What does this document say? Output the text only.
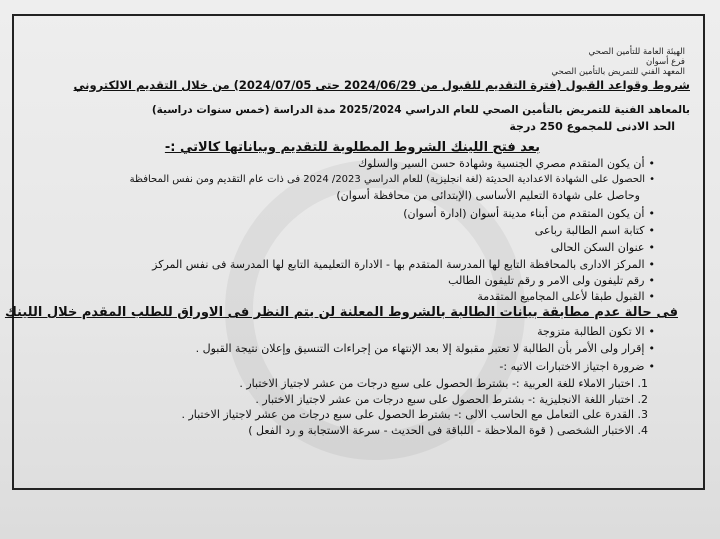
الهيئة العامة للتأمين الصحي
فرع أسوان
المعهد الفني للتمريض بالتأمين الصحي
شروط وقواعد القبول (فترة التقديم للقبول من 2024/06/29 حتى 2024/07/05) من خلال التقديم الالكتروني
بالمعاهد الفنية للتمريض بالتأمين الصحي للعام الدراسي 2025/2024 مدة الدراسة (خمس سنوات دراسية)
الحد الادنى للمجموع 250 درجة
بعد فتح اللينك الشروط المطلوبة للتقديم وبياناتها كالاتي :-
• أن يكون المتقدم مصري الجنسية وشهادة حسن السير والسلوك
• الحصول على الشهادة الاعدادية الحديثة (لغة انجليزية) للعام الدراسي 2023/ 2024 فى ذات عام التقديم ومن نفس المحافظة
وحاصل على شهادة التعليم الأساسى (الإبتدائى من محافظة أسوان)
• أن يكون المتقدم من أبناء مدينة أسوان (ادارة أسوان)
• كتابة اسم الطالبة رباعى
• عنوان السكن الحالى
• المركز الادارى بالمحافظة التابع لها المدرسة المتقدم بها - الادارة التعليمية التابع لها المدرسة فى نفس المركز
• رقم تليفون ولى الامر و رقم تليفون الطالب
• القبول طبقا لأعلى المجاميع المتقدمة
فى حالة عدم مطابقة بيانات الطالبة بالشروط المعلنة لن يتم النظر فى الاوراق للطلب المقدم خلال اللينك
• الا تكون الطالبة متزوجة
• إقرار ولى الأمر بأن الطالبة لا تعتبر مقبولة إلا بعد الإنتهاء من إجراءات التنسيق وإعلان نتيجة القبول .
• ضرورة اجتياز الاختبارات الاتيه :-
1. اختبار الاملاء للغة العربية :- بشترط الحصول على سبع درجات من عشر لاجتياز الاختبار .
2. اختبار اللغة الانجليزية :- بشترط الحصول على سبع درجات من عشر لاجتياز الاختبار .
3. القدرة على التعامل مع الحاسب الالى :- بشترط الحصول على سبع درجات من عشر لاجتياز الاختبار .
4. الاختبار الشخصى ( قوة الملاحظة - اللباقة فى الحديث - سرعة الاستجابة و رد الفعل )
